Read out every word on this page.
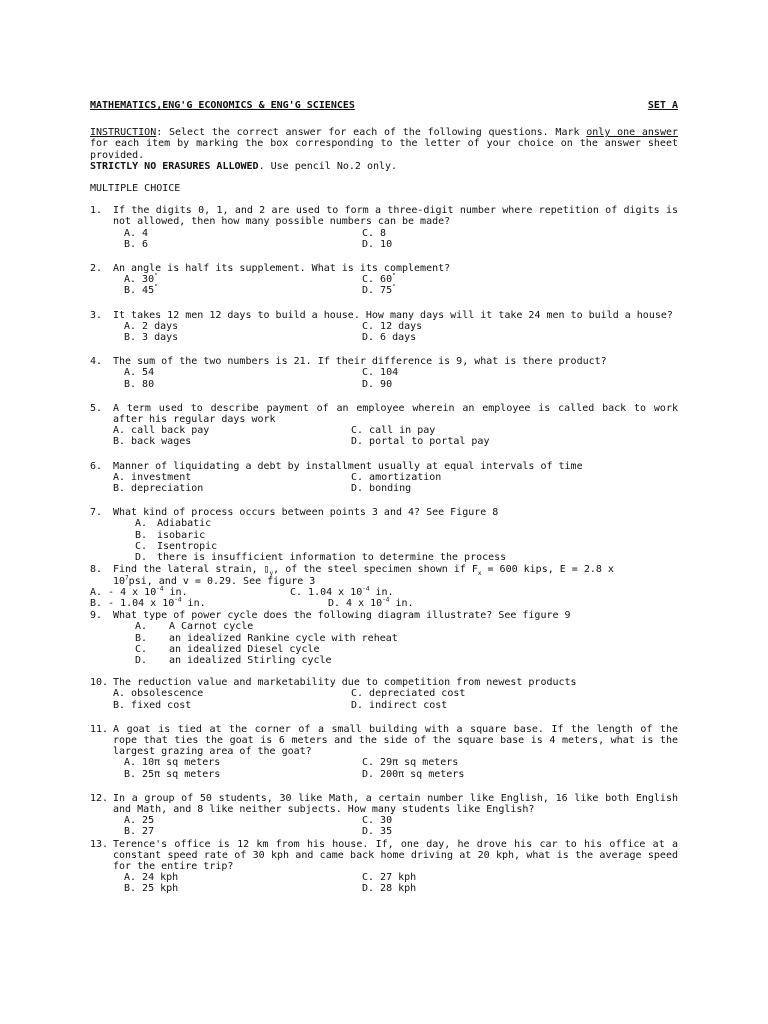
MATHEMATICS,ENG'G ECONOMICS & ENG'G SCIENCES	SET A
INSTRUCTION: Select the correct answer for each of the following questions. Mark only one answer for each item by marking the box corresponding to the letter of your choice on the answer sheet provided.
STRICTLY NO ERASURES ALLOWED. Use pencil No.2 only.
MULTIPLE CHOICE
1.	If the digits 0, 1, and 2 are used to form a three-digit number where repetition of digits is not allowed, then how many possible numbers can be made?
A. 4	C. 8
B. 6	D. 10
2.	An angle is half its supplement. What is its complement?
A. 30°	C. 60°
B. 45°	D. 75°
3.	It takes 12 men 12 days to build a house. How many days will it take 24 men to build a house?
A. 2 days	C. 12 days
B. 3 days	D. 6 days
4.	The sum of the two numbers is 21. If their difference is 9, what is there product?
A. 54	C. 104
B. 80	D. 90
5.	A term used to describe payment of an employee wherein an employee is called back to work after his regular days work
A. call back pay	C. call in pay
B. back wages	D. portal to portal pay
6.	Manner of liquidating a debt by installment usually at equal intervals of time
A. investment	C. amortization
B. depreciation	D. bonding
7.	What kind of process occurs between points 3 and 4? See Figure 8
A. Adiabatic
B. isobaric
C. Isentropic
D. there is insufficient information to determine the process
8.	Find the lateral strain, $▯_y$, of the steel specimen shown if $F_x = 600$ kips, E = 2.8 x
$10^7psi$, and v = 0.29. See figure 3
A. - 4 x $10^{-4}$ in.	C. 1.04 x $10^{-4}$ in.
B. - 1.04 x $10^{-4}$ in.	D. 4 x $10^{-4}$ in.
9.	What type of power cycle does the following diagram illustrate? See figure 9
A. A Carnot cycle
B. an idealized Rankine cycle with reheat
C. an idealized Diesel cycle
D. an idealized Stirling cycle
10. The reduction value and marketability due to competition from newest products
A. obsolescence	C. depreciated cost
B. fixed cost	D. indirect cost
11. A goat is tied at the corner of a small building with a square base. If the length of the rope that ties the goat is 6 meters and the side of the square base is 4 meters, what is the largest grazing area of the goat?
A. 10π sq meters	C. 29π sq meters
B. 25π sq meters	D. 200π sq meters
12. In a group of 50 students, 30 like Math, a certain number like English, 16 like both English and Math, and 8 like neither subjects. How many students like English?
A. 25	C. 30
B. 27	D. 35
13. Terence's office is 12 km from his house. If, one day, he drove his car to his office at a constant speed rate of 30 kph and came back home driving at 20 kph, what is the average speed for the entire trip?
A. 24 kph	C. 27 kph
B. 25 kph	D. 28 kph
